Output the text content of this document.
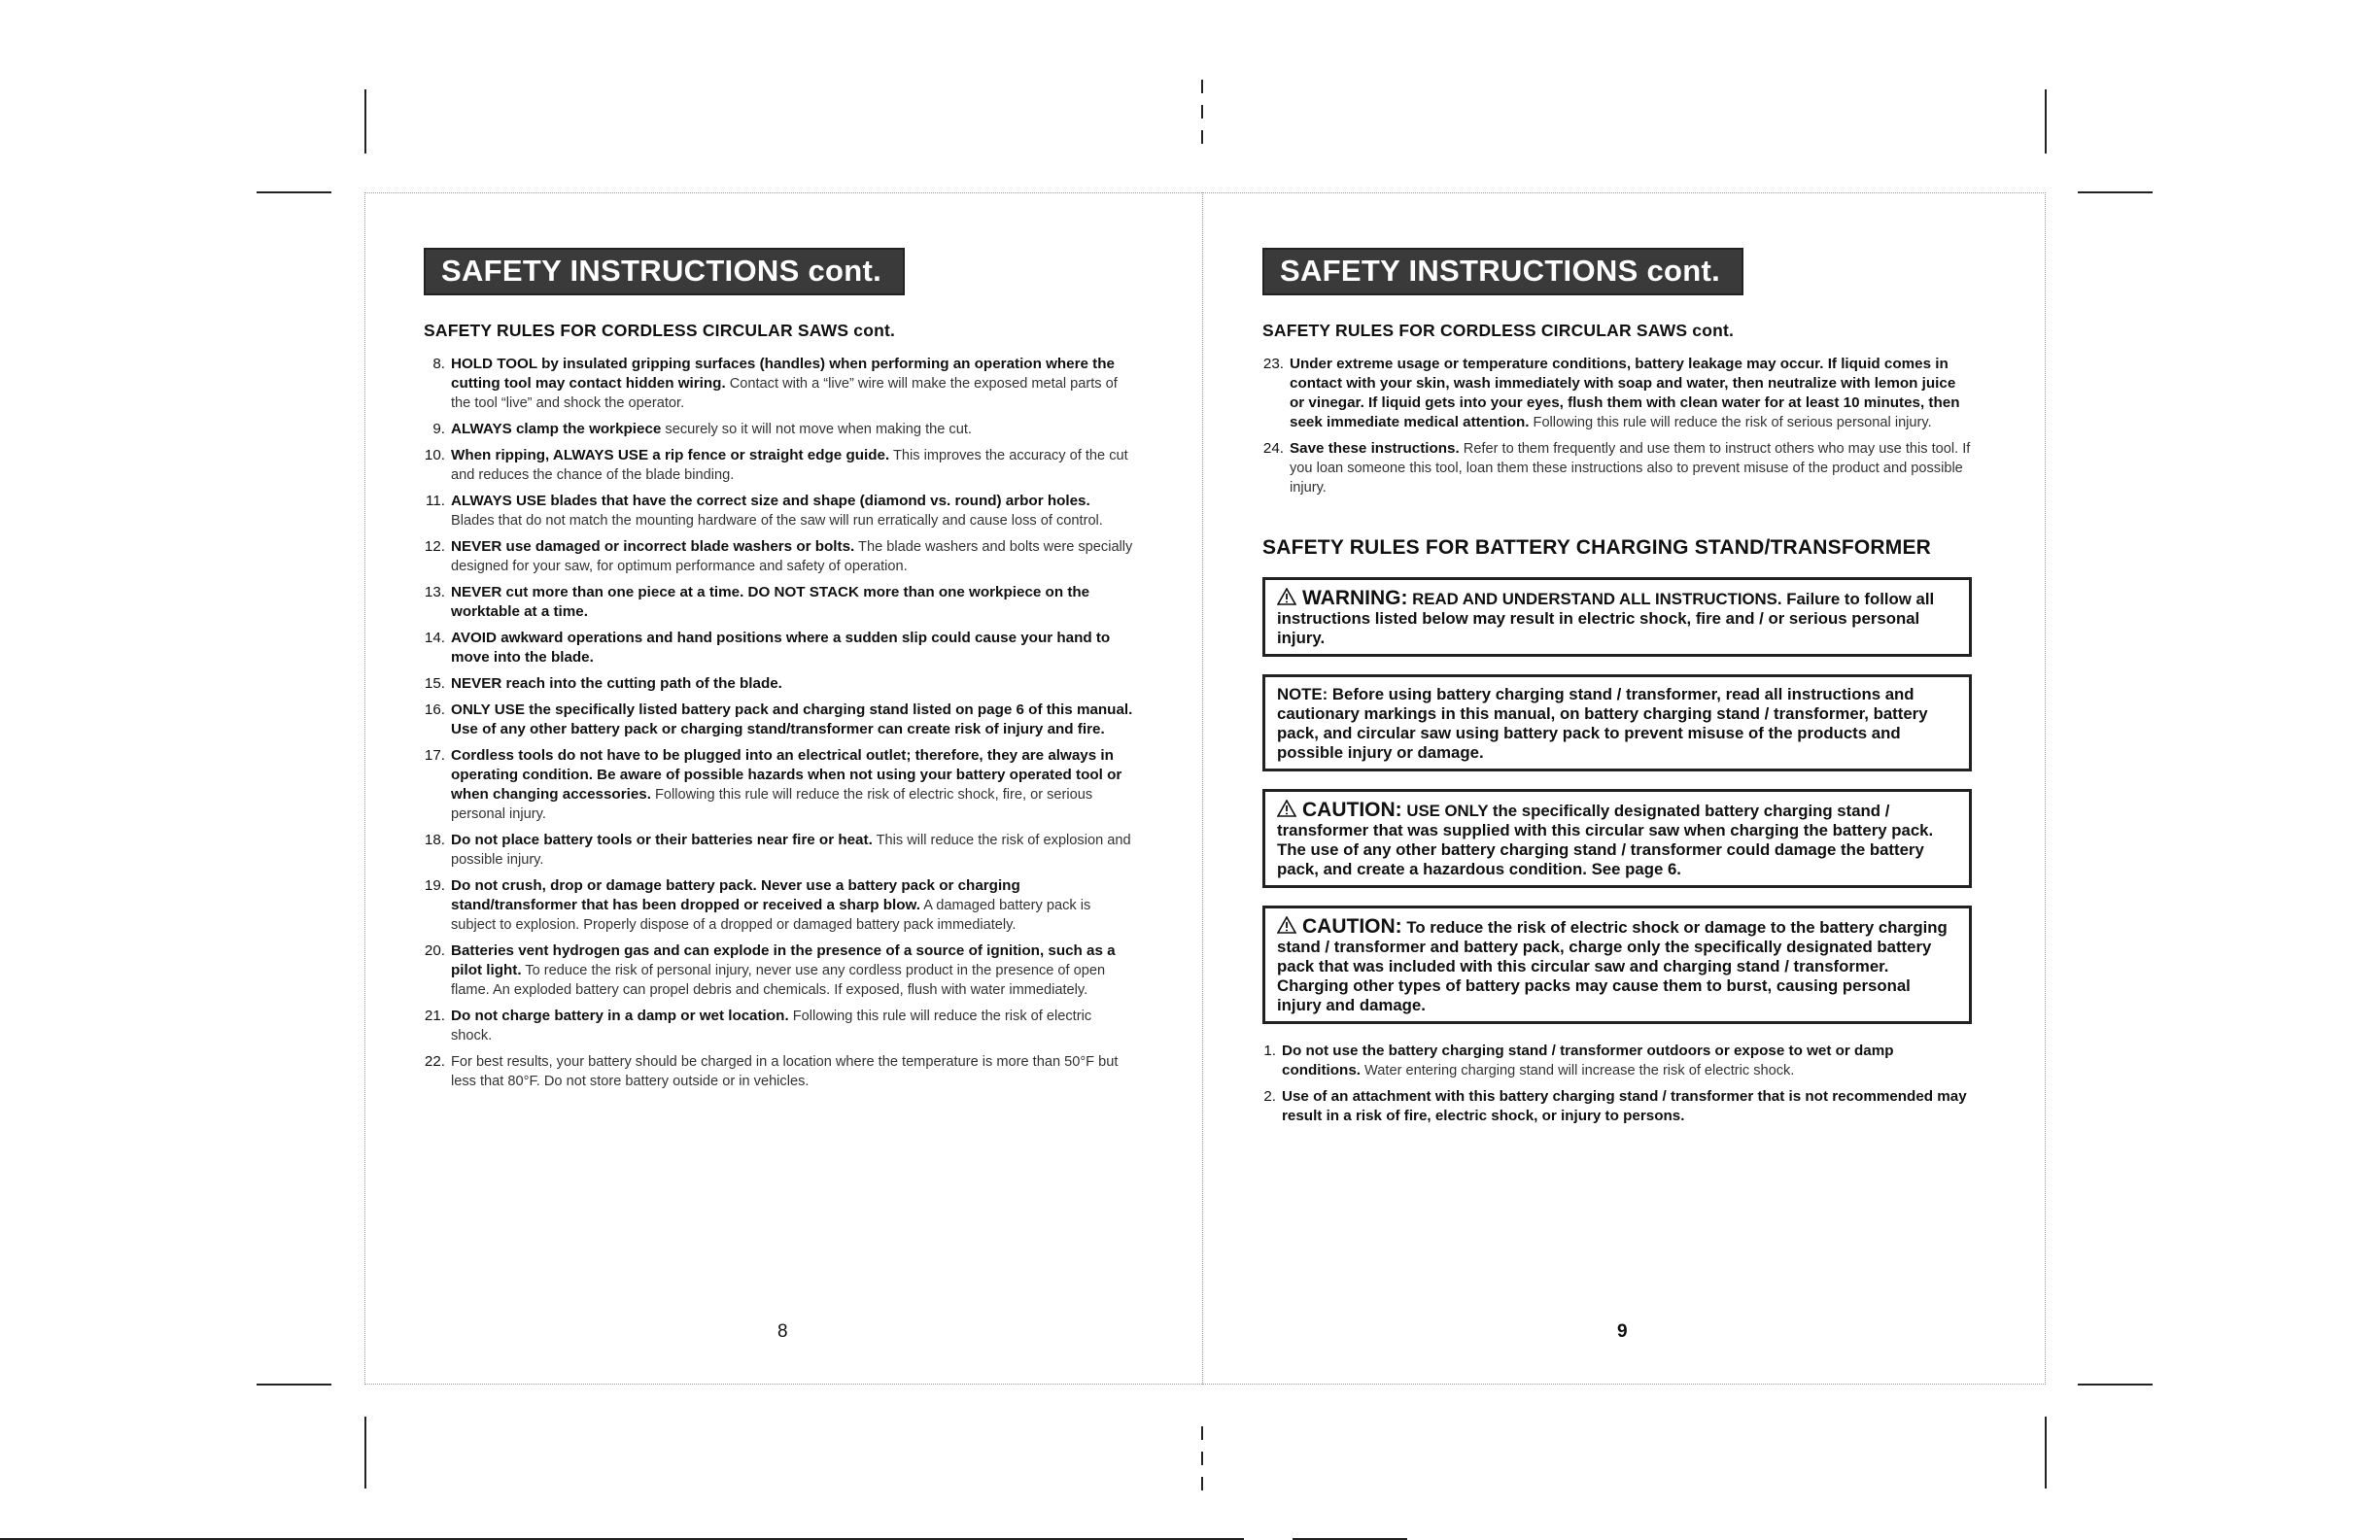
SAFETY INSTRUCTIONS cont.
SAFETY RULES FOR CORDLESS CIRCULAR SAWS cont.
8. HOLD TOOL by insulated gripping surfaces (handles) when performing an operation where the cutting tool may contact hidden wiring. Contact with a “live” wire will make the exposed metal parts of the tool “live” and shock the operator.
9. ALWAYS clamp the workpiece securely so it will not move when making the cut.
10. When ripping, ALWAYS USE a rip fence or straight edge guide. This improves the accuracy of the cut and reduces the chance of the blade binding.
11. ALWAYS USE blades that have the correct size and shape (diamond vs. round) arbor holes. Blades that do not match the mounting hardware of the saw will run erratically and cause loss of control.
12. NEVER use damaged or incorrect blade washers or bolts. The blade washers and bolts were specially designed for your saw, for optimum performance and safety of operation.
13. NEVER cut more than one piece at a time. DO NOT STACK more than one workpiece on the worktable at a time.
14. AVOID awkward operations and hand positions where a sudden slip could cause your hand to move into the blade.
15. NEVER reach into the cutting path of the blade.
16. ONLY USE the specifically listed battery pack and charging stand listed on page 6 of this manual. Use of any other battery pack or charging stand/transformer can create risk of injury and fire.
17. Cordless tools do not have to be plugged into an electrical outlet; therefore, they are always in operating condition. Be aware of possible hazards when not using your battery operated tool or when changing accessories. Following this rule will reduce the risk of electric shock, fire, or serious personal injury.
18. Do not place battery tools or their batteries near fire or heat. This will reduce the risk of explosion and possible injury.
19. Do not crush, drop or damage battery pack. Never use a battery pack or charging stand/transformer that has been dropped or received a sharp blow. A damaged battery pack is subject to explosion. Properly dispose of a dropped or damaged battery pack immediately.
20. Batteries vent hydrogen gas and can explode in the presence of a source of ignition, such as a pilot light. To reduce the risk of personal injury, never use any cordless product in the presence of open flame. An exploded battery can propel debris and chemicals. If exposed, flush with water immediately.
21. Do not charge battery in a damp or wet location. Following this rule will reduce the risk of electric shock.
22. For best results, your battery should be charged in a location where the temperature is more than 50°F but less that 80°F. Do not store battery outside or in vehicles.
8
SAFETY INSTRUCTIONS cont.
SAFETY RULES FOR CORDLESS CIRCULAR SAWS cont.
23. Under extreme usage or temperature conditions, battery leakage may occur. If liquid comes in contact with your skin, wash immediately with soap and water, then neutralize with lemon juice or vinegar. If liquid gets into your eyes, flush them with clean water for at least 10 minutes, then seek immediate medical attention. Following this rule will reduce the risk of serious personal injury.
24. Save these instructions. Refer to them frequently and use them to instruct others who may use this tool. If you loan someone this tool, loan them these instructions also to prevent misuse of the product and possible injury.
SAFETY RULES FOR BATTERY CHARGING STAND/TRANSFORMER
WARNING: READ AND UNDERSTAND ALL INSTRUCTIONS. Failure to follow all instructions listed below may result in electric shock, fire and / or serious personal injury.
NOTE: Before using battery charging stand / transformer, read all instructions and cautionary markings in this manual, on battery charging stand / transformer, battery pack, and circular saw using battery pack to prevent misuse of the products and possible injury or damage.
CAUTION: USE ONLY the specifically designated battery charging stand / transformer that was supplied with this circular saw when charging the battery pack. The use of any other battery charging stand / transformer could damage the battery pack, and create a hazardous condition. See page 6.
CAUTION: To reduce the risk of electric shock or damage to the battery charging stand / transformer and battery pack, charge only the specifically designated battery pack that was included with this circular saw and charging stand / transformer. Charging other types of battery packs may cause them to burst, causing personal injury and damage.
1. Do not use the battery charging stand / transformer outdoors or expose to wet or damp conditions. Water entering charging stand will increase the risk of electric shock.
2. Use of an attachment with this battery charging stand / transformer that is not recommended may result in a risk of fire, electric shock, or injury to persons.
9
